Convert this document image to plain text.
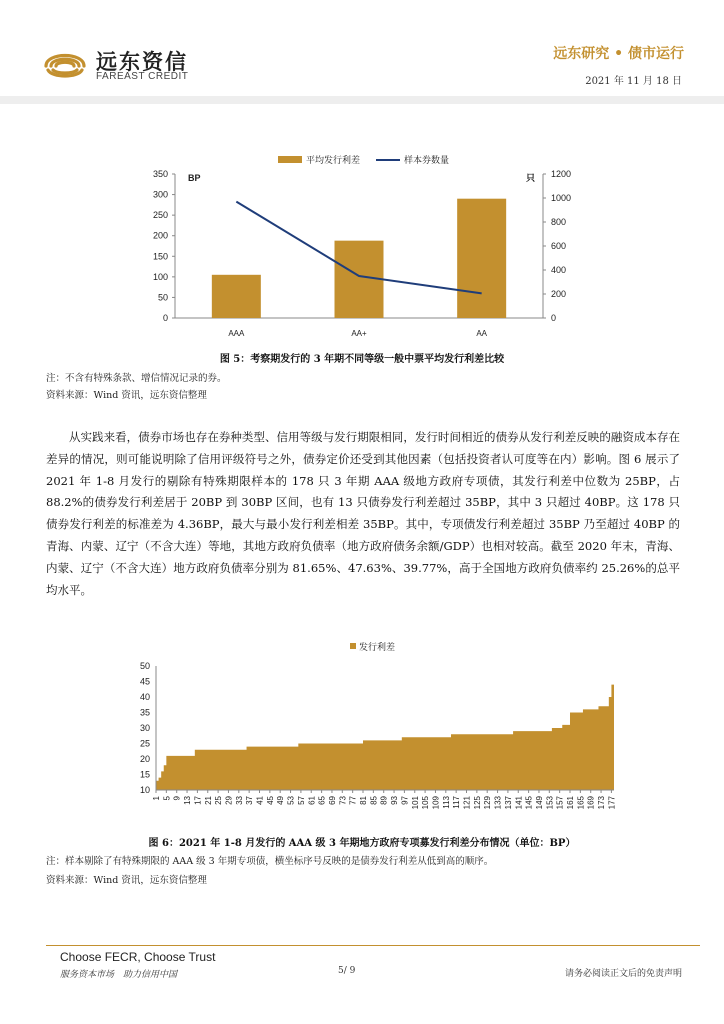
远东资信
FAREAST CREDIT
远东研究 • 债市运行
2021 年 11 月 18 日
0
50
100
150
200
250
300
350
0
200
400
600
800
1000
1200
BP	只
AAA	AA+	AA
平均发行利差	样本券数量
图 5：考察期发行的 3 年期不同等级一般中票平均发行利差比较
注：不含有特殊条款、增信情况记录的券。
资料来源：Wind 资讯，远东资信整理

从实践来看，债券市场也存在券种类型、信用等级与发行期限相同，发行时间相近的债券从发行利差反映的融资成本存在差异的情况，则可能说明除了信用评级符号之外，债券定价还受到其他因素（包括投资者认可度等在内）影响。图 6 展示了 2021 年 1-8 月发行的剔除有特殊期限样本的 178 只 3 年期 AAA 级地方政府专项债，其发行利差中位数为 25BP，占 88.2%的债券发行利差居于 20BP 到 30BP 区间，也有 13 只债券发行利差超过 35BP，其中 3 只超过 40BP。这 178 只债券发行利差的标准差为 4.36BP，最大与最小发行利差相差 35BP。其中，专项债发行利差超过 35BP 乃至超过 40BP 的青海、内蒙、辽宁（不含大连）等地，其地方政府负债率（地方政府债务余额/GDP）也相对较高。截至 2020 年末，青海、内蒙、辽宁（不含大连）地方政府负债率分别为 81.65%、47.63%、39.77%，高于全国地方政府负债率约 25.26%的总平均水平。

10
15
20
25
30
35
40
45
50
1 5 9 13 17 21 25 29 33 37 41 45 49 53 57 61 65 69 73 77 81 85 89 93 97 101 105 109 113 117 121 125 129 133 137 141 145 149 153 157 161 165 169 173 177
发行利差
图 6：2021 年 1-8 月发行的 AAA 级 3 年期地方政府专项募发行利差分布情况（单位：BP）
注：样本剔除了有特殊期限的 AAA 级 3 年期专项债，横坐标序号反映的是债券发行利差从低到高的顺序。
资料来源：Wind 资讯，远东资信整理
Choose FECR, Choose Trust
服务资本市场　助力信用中国	5/ 9	请务必阅读正文后的免责声明
